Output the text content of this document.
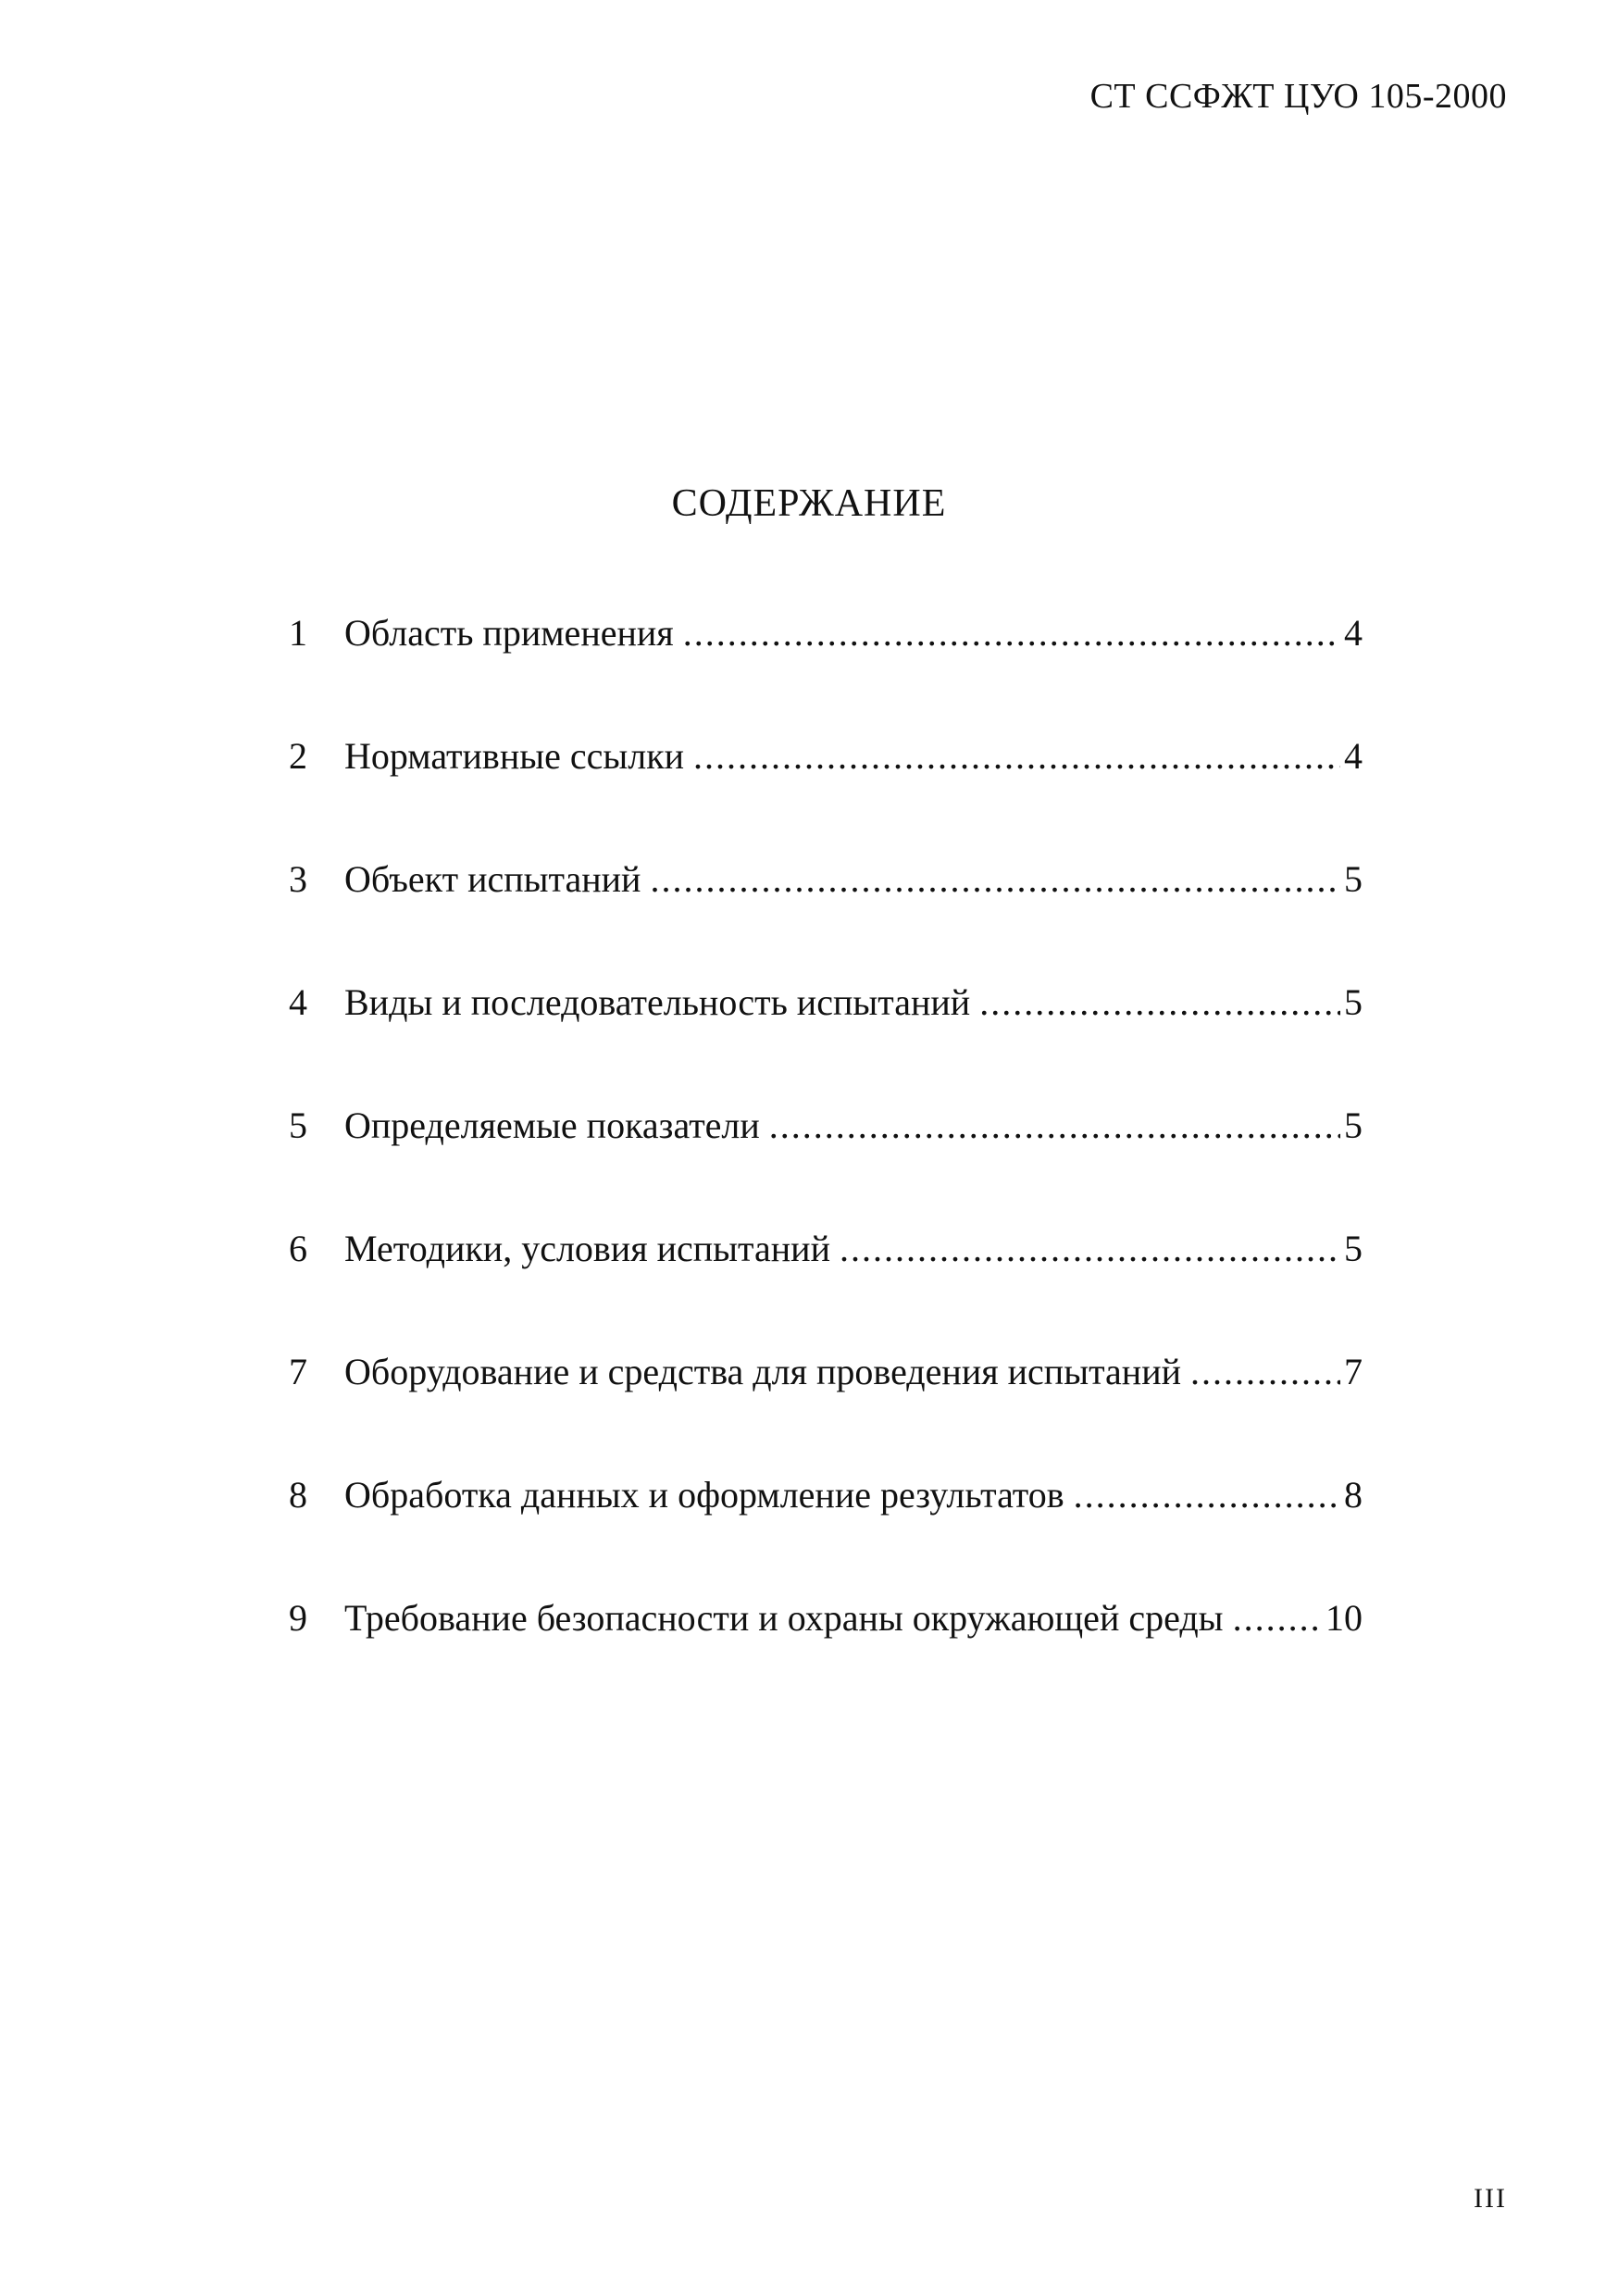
СТ ССФЖТ ЦУО 105-2000
СОДЕРЖАНИЕ
1	Область применения .....	4
2	Нормативные ссылки .....	4
3	Объект испытаний .....	5
4	Виды и последовательность испытаний .....	5
5	Определяемые показатели .....	5
6	Методики, условия испытаний .....	5
7	Оборудование и средства для проведения испытаний .....	7
8	Обработка данных и оформление результатов .....	8
9	Требование безопасности и охраны окружающей среды .....	10
III
